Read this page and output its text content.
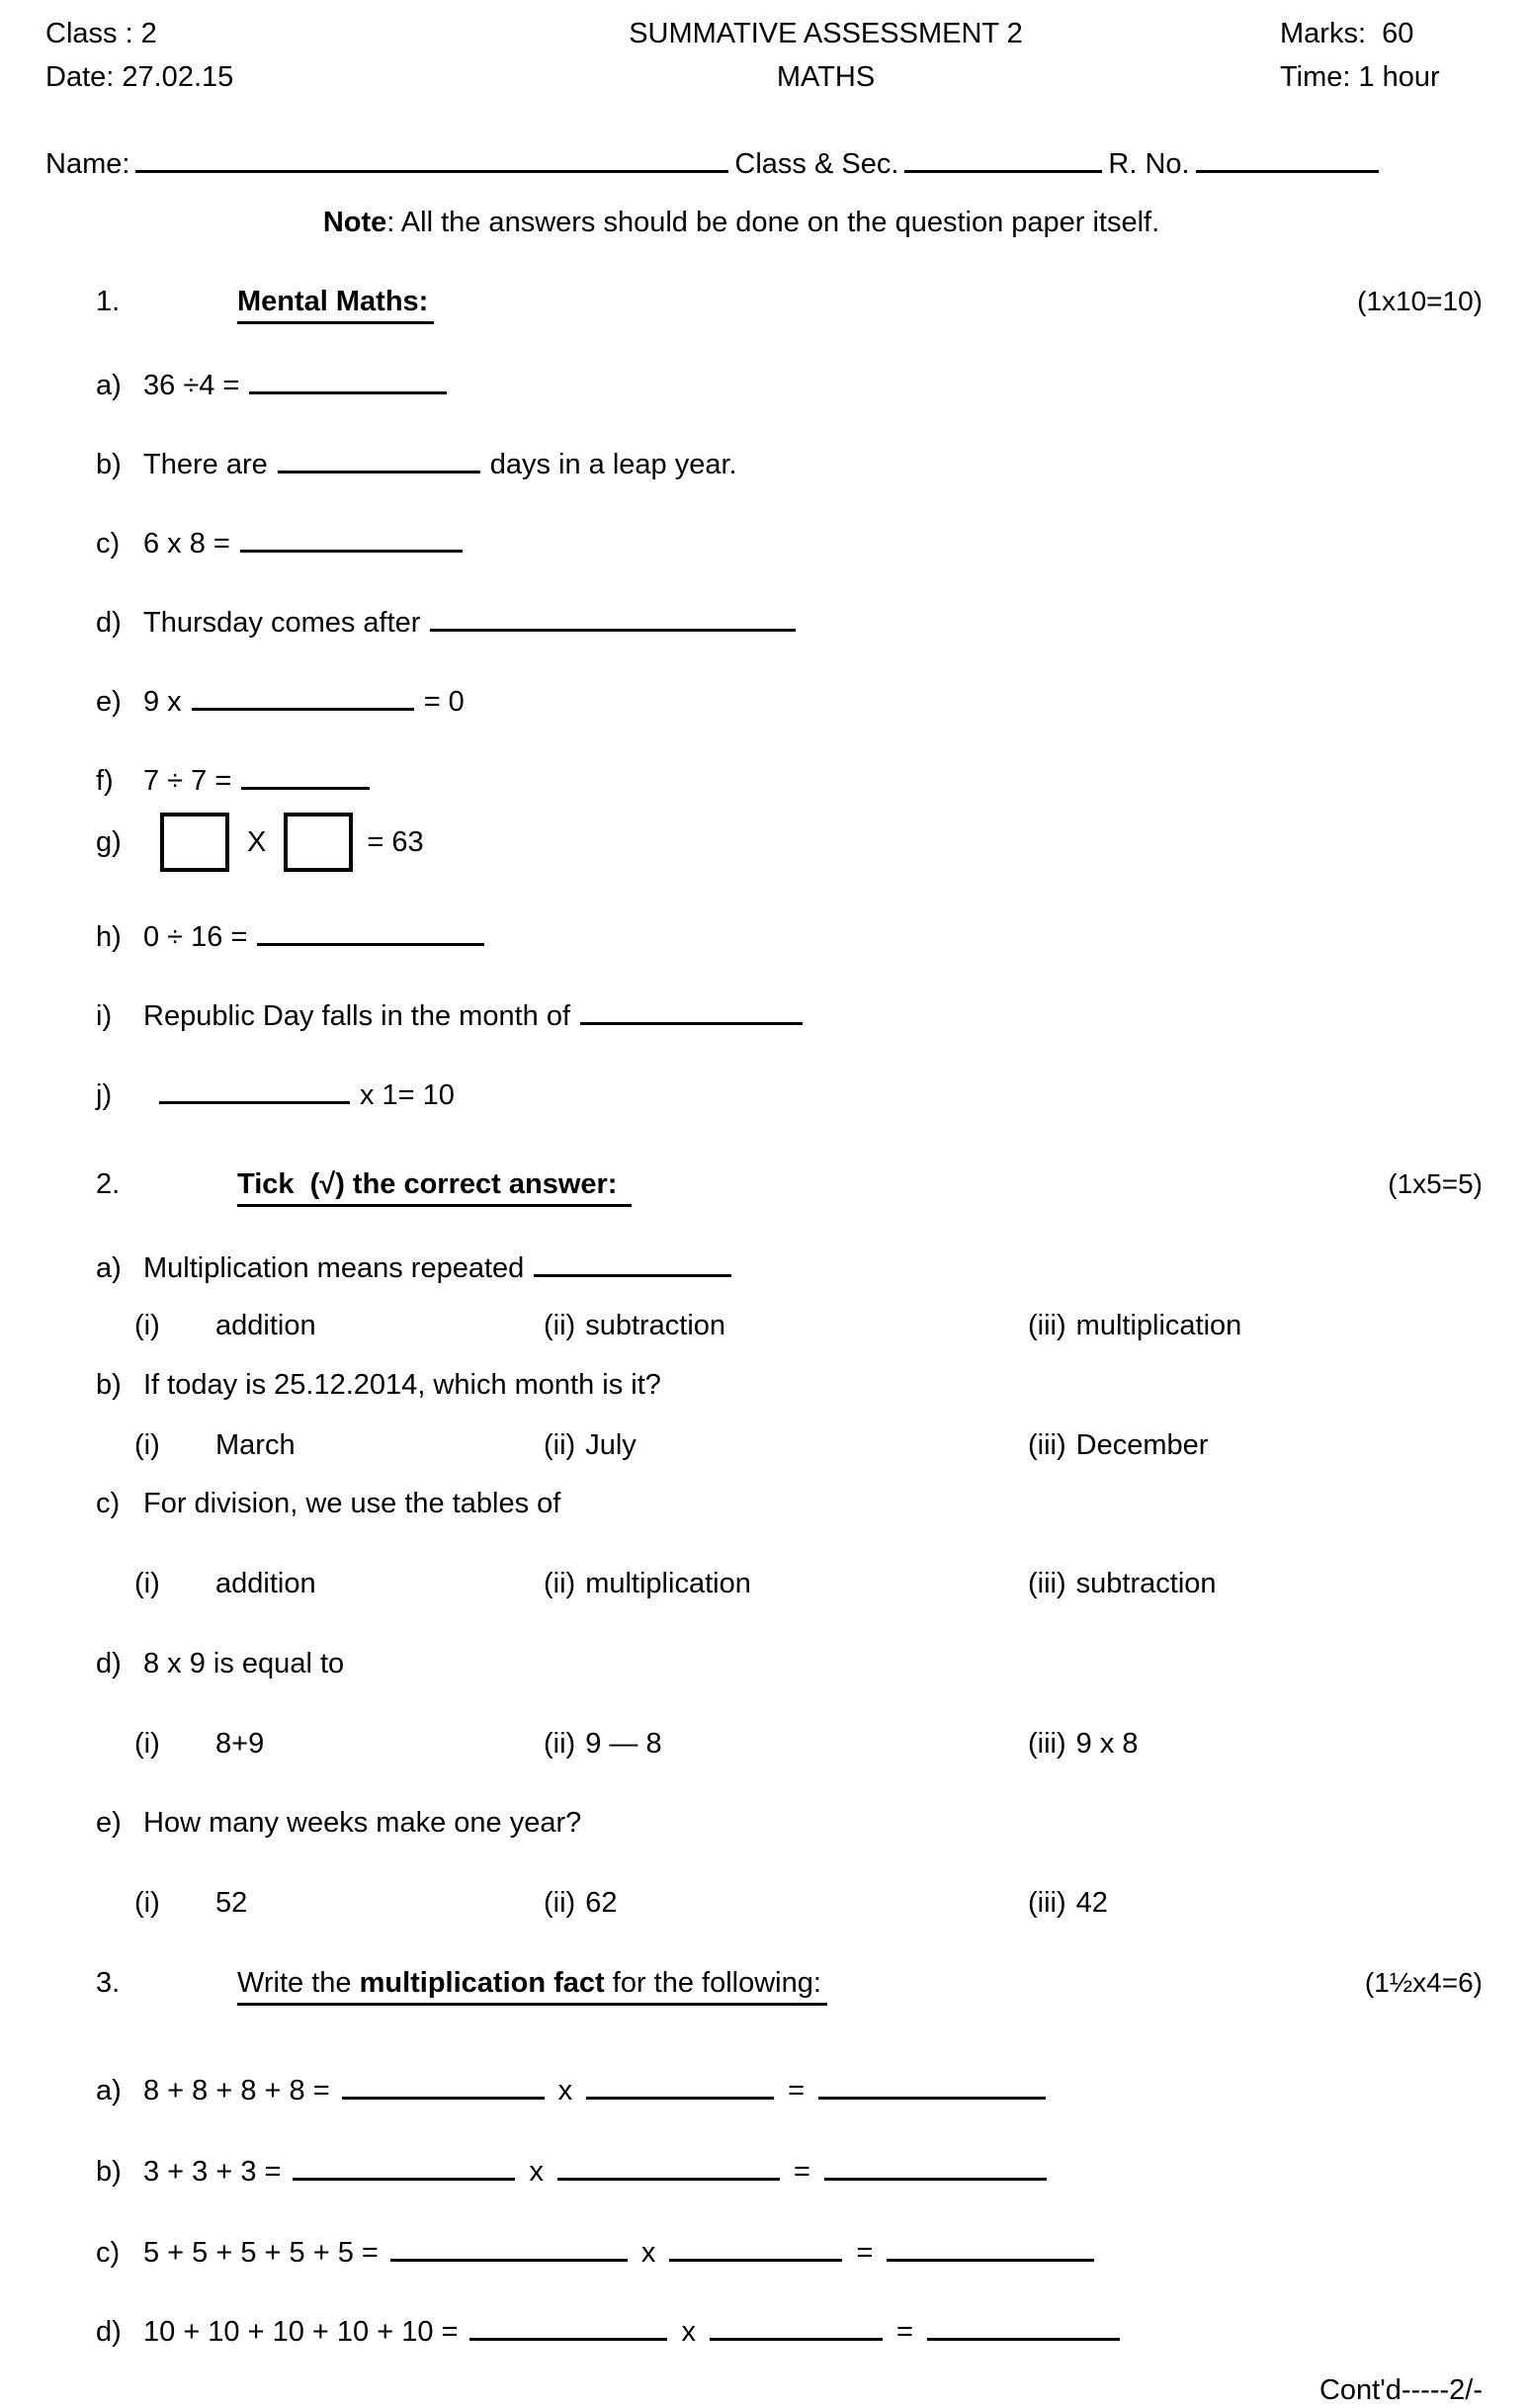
Class : 2
Date: 27.02.15
SUMMATIVE ASSESSMENT 2
MATHS
Marks:  60
Time: 1 hour
Name:	Class & Sec.	R. No.
Note: All the answers should be done on the question paper itself.
1.	Mental Maths:	(1x10=10)
a) 36 ÷4 =
b) There are	days in a leap year.
c) 6 x 8 =
d) Thursday comes after
e) 9 x	= 0
f) 7 ÷ 7 =
g)	X	= 63
h) 0 ÷ 16 =
i) Republic Day falls in the month of
j)	x 1= 10
2.	Tick  (√) the correct answer:	(1x5=5)
a) Multiplication means repeated
(i) addition	(ii) subtraction	(iii) multiplication
b) If today is 25.12.2014, which month is it?
(i) March	(ii) July	(iii) December
c) For division, we use the tables of
(i) addition	(ii) multiplication	(iii) subtraction
d) 8 x 9 is equal to
(i) 8+9	(ii) 9 — 8	(iii) 9 x 8
e) How many weeks make one year?
(i) 52	(ii) 62	(iii) 42
3.	Write the multiplication fact for the following:	(1½x4=6)
a) 8 + 8 + 8 + 8 =	x	=
b) 3 + 3 + 3 =	x	=
c) 5 + 5 + 5 + 5 + 5 =	x	=
d) 10 + 10 + 10 + 10 + 10 =	x	=
Cont'd-----2/-
